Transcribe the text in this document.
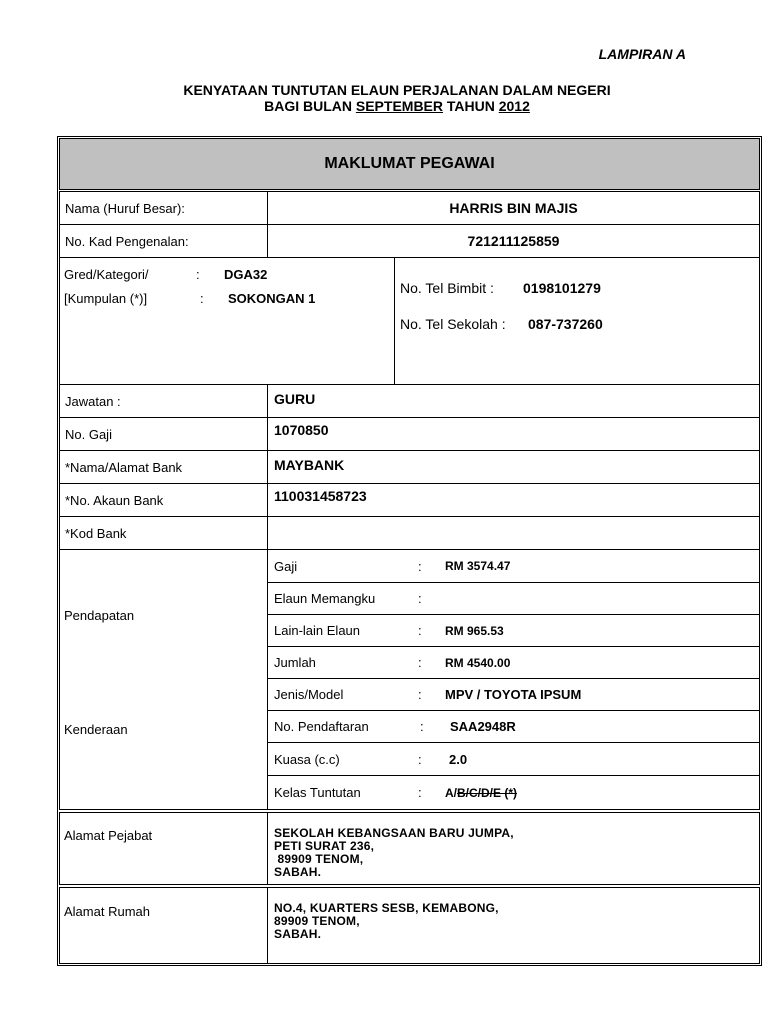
LAMPIRAN A
KENYATAAN TUNTUTAN ELAUN PERJALANAN DALAM NEGERI
BAGI BULAN SEPTEMBER TAHUN 2012
MAKLUMAT PEGAWAI
Nama (Huruf Besar):	HARRIS BIN MAJIS
No. Kad Pengenalan:	721211125859
Gred/Kategori/	: DGA32
[Kumpulan (*)]	: SOKONGAN 1
No. Tel Bimbit : 0198101279
No. Tel Sekolah : 087-737260
Jawatan :	GURU
No. Gaji	1070850
*Nama/Alamat Bank	MAYBANK
*No. Akaun Bank	110031458723
*Kod Bank
Pendapatan
Kenderaan
Gaji	: RM 3574.47
Elaun Memangku	:
Lain-lain Elaun	: RM 965.53
Jumlah	: RM 4540.00
Jenis/Model	: MPV / TOYOTA IPSUM
No. Pendaftaran	: SAA2948R
Kuasa (c.c)	: 2.0
Kelas Tuntutan	: A/B/C/D/E (*)
Alamat Pejabat	SEKOLAH KEBANGSAAN BARU JUMPA,
PETI SURAT 236,
89909 TENOM,
SABAH.
Alamat Rumah	NO.4, KUARTERS SESB, KEMABONG,
89909 TENOM,
SABAH.
